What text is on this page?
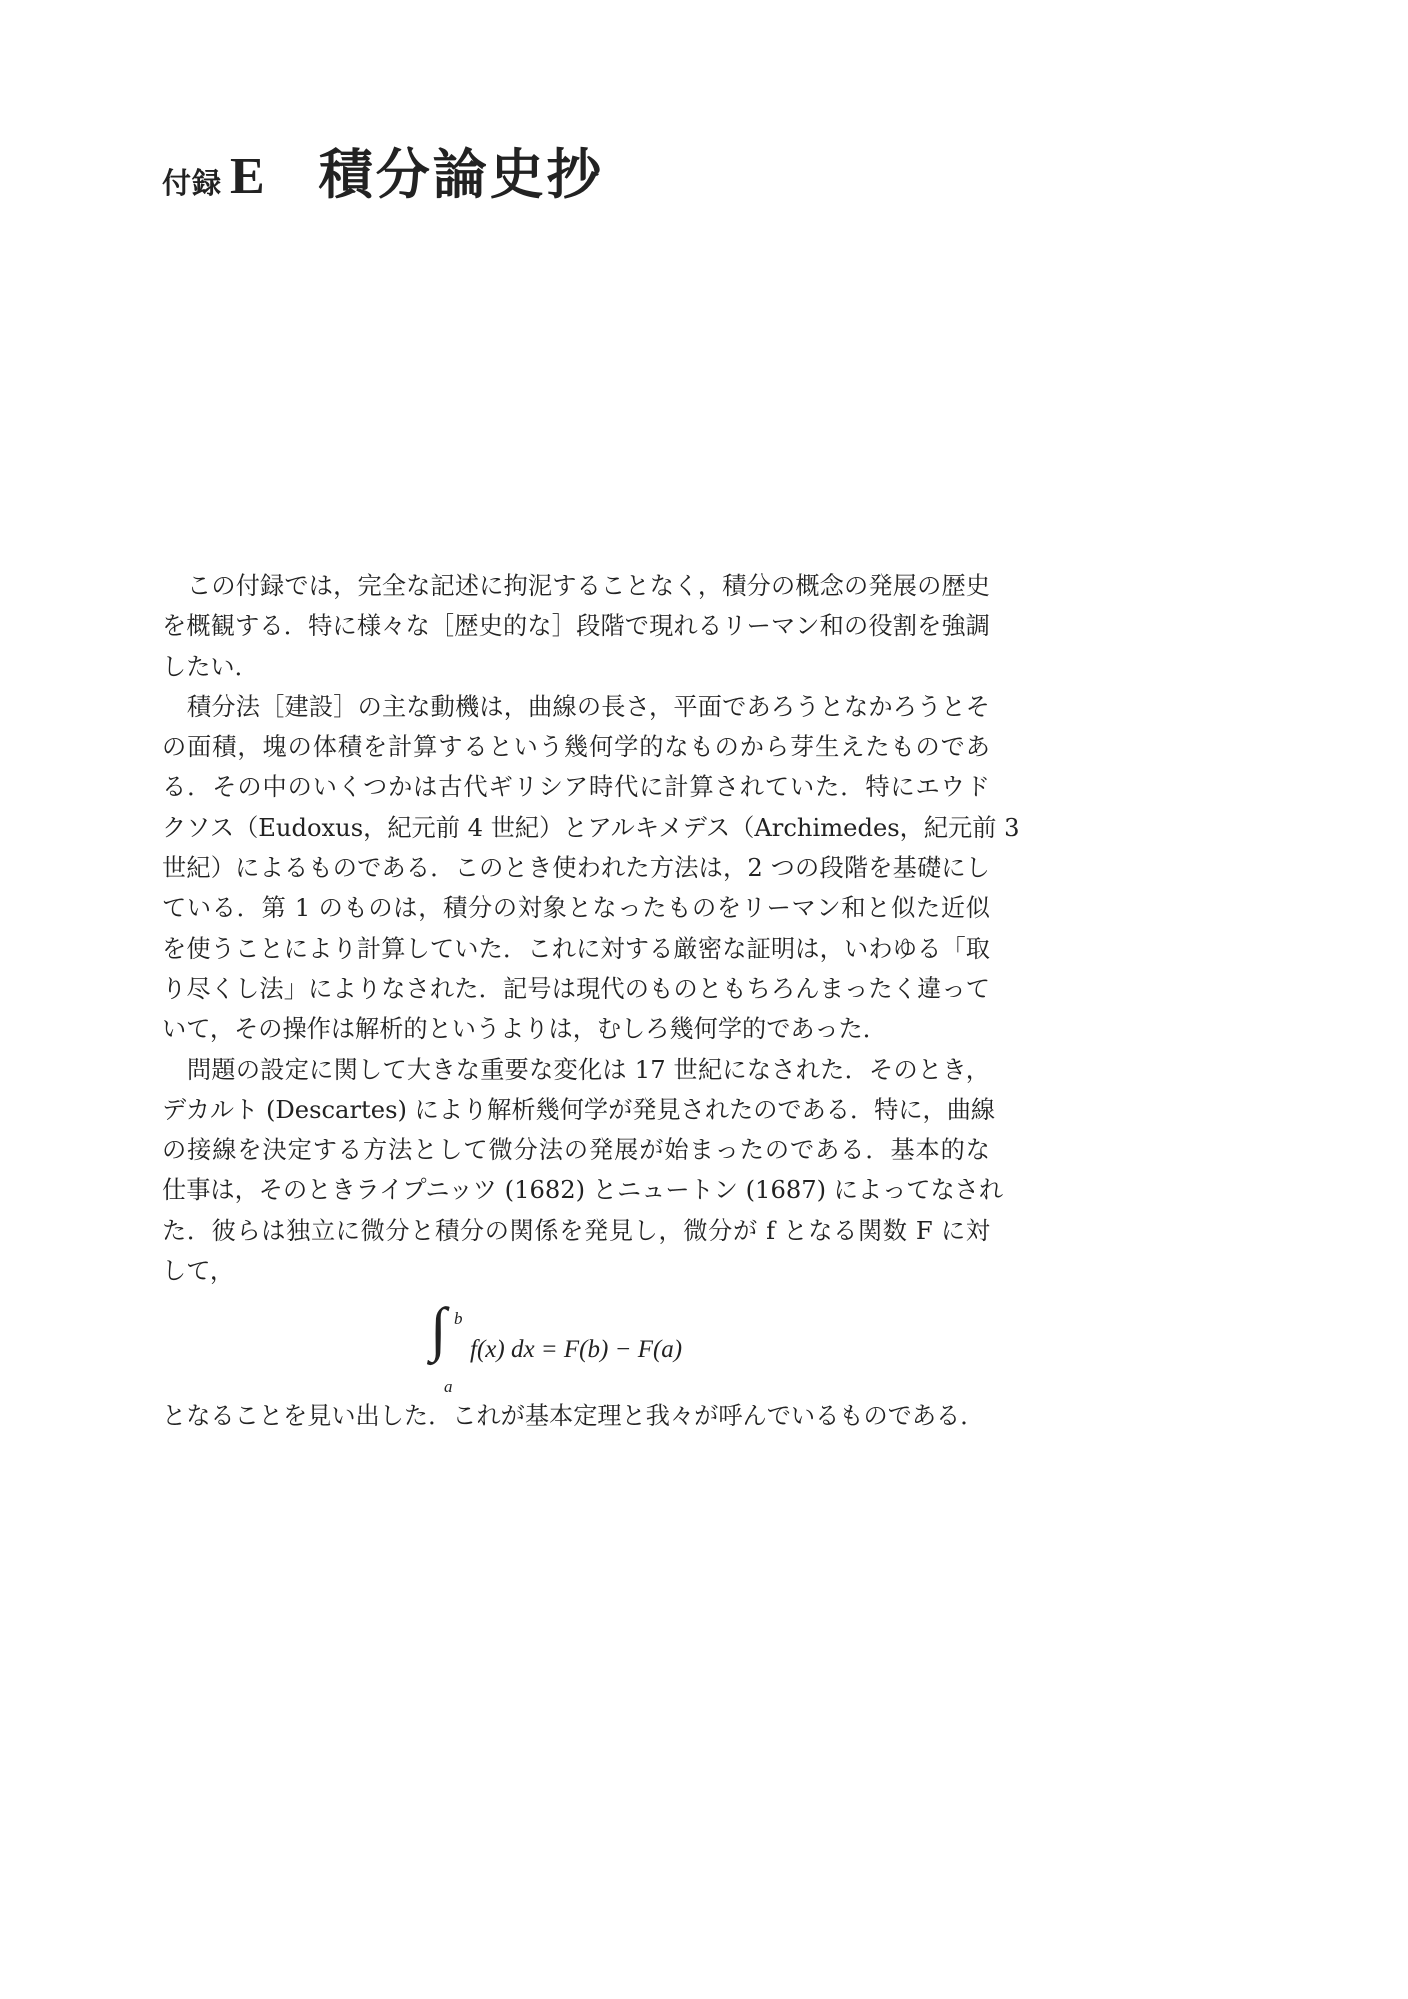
付録 E 積分論史抄
この付録では，完全な記述に拘泥することなく，積分の概念の発展の歴史
を概観する．特に様々な［歴史的な］段階で現れるリーマン和の役割を強調
したい．
積分法［建設］の主な動機は，曲線の長さ，平面であろうとなかろうとそ
の面積，塊の体積を計算するという幾何学的なものから芽生えたものであ
る．その中のいくつかは古代ギリシア時代に計算されていた．特にエウド
クソス（Eudoxus，紀元前 4 世紀）とアルキメデス（Archimedes，紀元前 3
世紀）によるものである．このとき使われた方法は，2 つの段階を基礎にし
ている．第 1 のものは，積分の対象となったものをリーマン和と似た近似
を使うことにより計算していた．これに対する厳密な証明は，いわゆる「取
り尽くし法」によりなされた．記号は現代のものともちろんまったく違って
いて，その操作は解析的というよりは，むしろ幾何学的であった．
問題の設定に関して大きな重要な変化は 17 世紀になされた．そのとき，
デカルト (Descartes) により解析幾何学が発見されたのである．特に，曲線
の接線を決定する方法として微分法の発展が始まったのである．基本的な
仕事は，そのときライプニッツ (1682) とニュートン (1687) によってなされ
た．彼らは独立に微分と積分の関係を発見し，微分が f となる関数 F に対
して，
∫ b
a
f(x) dx = F(b) − F(a)
となることを見い出した．これが基本定理と我々が呼んでいるものである．
